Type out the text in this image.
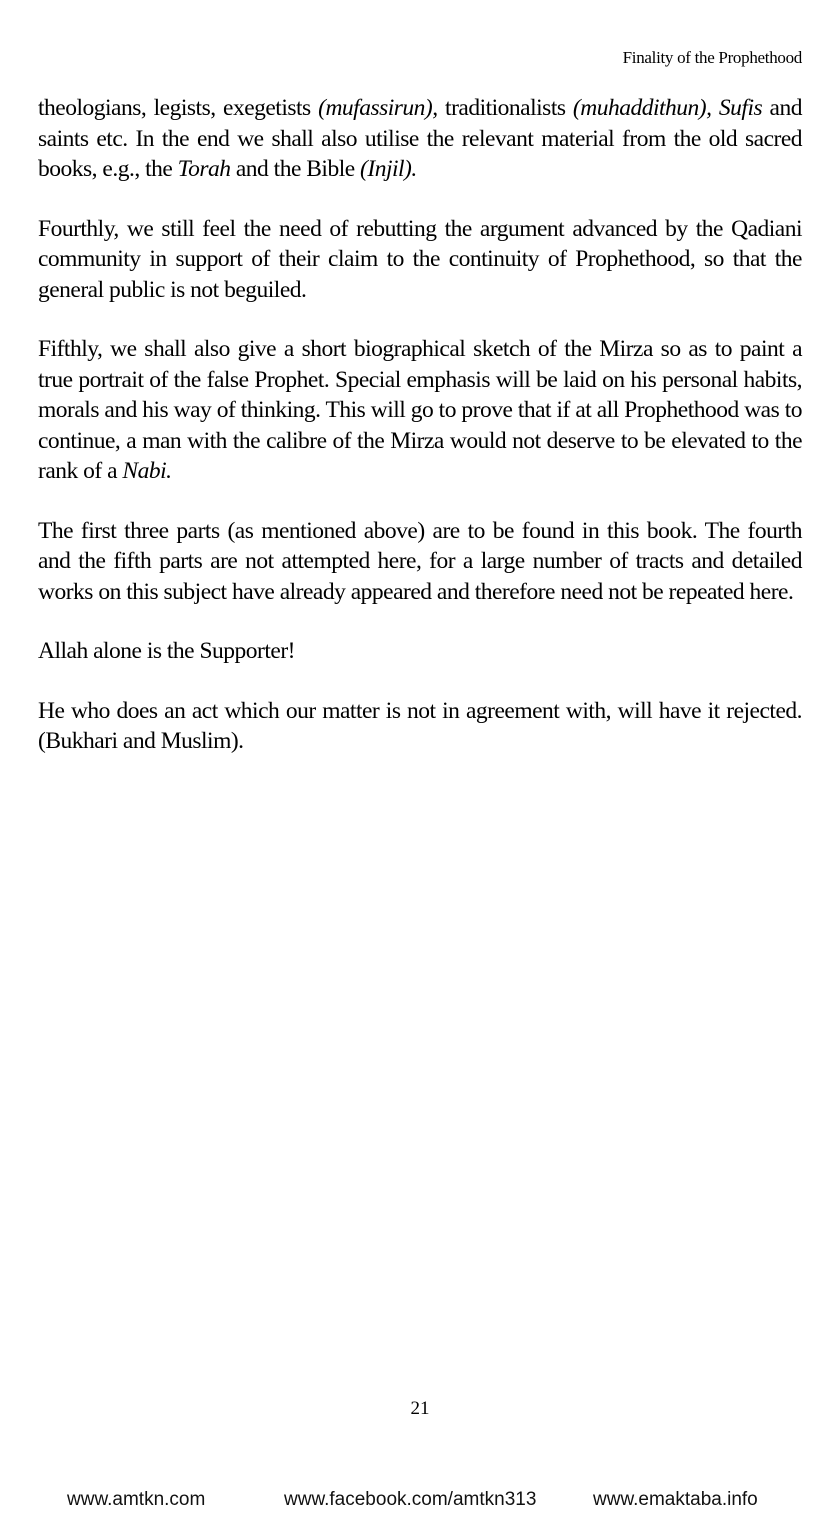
Finality of the Prophethood

theologians, legists, exegetists (mufassirun), traditionalists (muhaddithun), Sufis and saints etc. In the end we shall also utilise the relevant material from the old sacred books, e.g., the Torah and the Bible (Injil).

Fourthly, we still feel the need of rebutting the argument advanced by the Qadiani community in support of their claim to the continuity of Prophethood, so that the general public is not beguiled.

Fifthly, we shall also give a short biographical sketch of the Mirza so as to paint a true portrait of the false Prophet. Special emphasis will be laid on his personal habits, morals and his way of thinking. This will go to prove that if at all Prophethood was to continue, a man with the calibre of the Mirza would not deserve to be elevated to the rank of a Nabi.

The first three parts (as mentioned above) are to be found in this book. The fourth and the fifth parts are not attempted here, for a large number of tracts and detailed works on this subject have already appeared and therefore need not be repeated here.

Allah alone is the Supporter!

He who does an act which our matter is not in agreement with, will have it rejected. (Bukhari and Muslim).

21
www.amtkn.com	www.facebook.com/amtkn313	www.emaktaba.info
